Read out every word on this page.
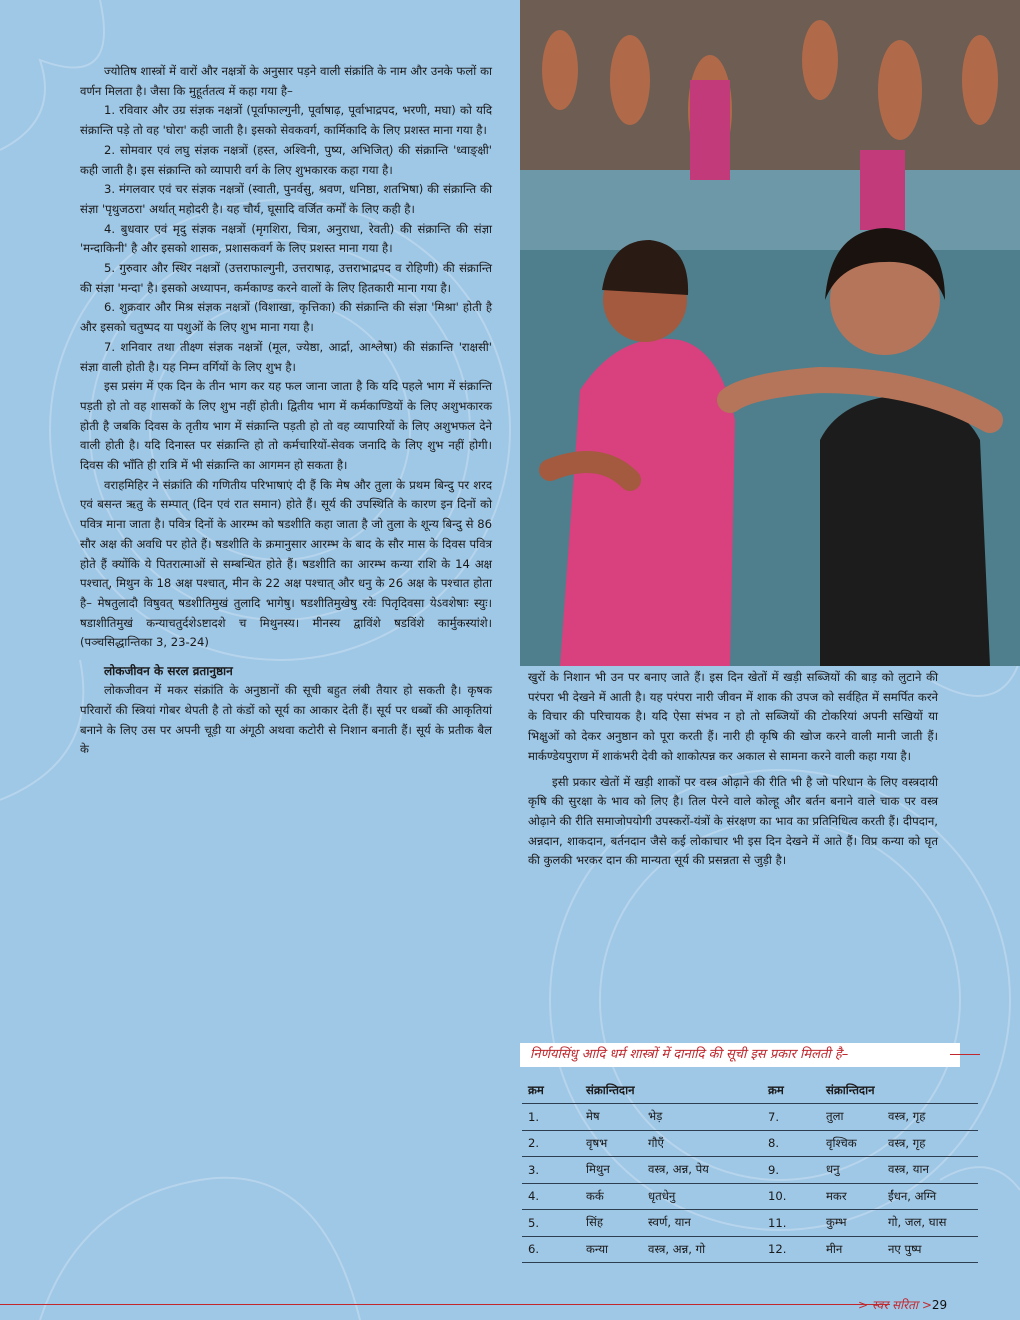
ज्योतिष शास्त्रों में वारों और नक्षत्रों के अनुसार पड़ने वाली संक्रांति के नाम और उनके फलों का वर्णन मिलता है। जैसा कि मुहूर्ततत्व में कहा गया है–

1. रविवार और उग्र संज्ञक नक्षत्रों (पूर्वाफाल्गुनी, पूर्वाषाढ़, पूर्वाभाद्रपद, भरणी, मघा) को यदि संक्रान्ति पड़े तो वह 'घोरा' कही जाती है। इसको सेवकवर्ग, कार्मिकादि के लिए प्रशस्त माना गया है।

2. सोमवार एवं लघु संज्ञक नक्षत्रों (हस्त, अश्विनी, पुष्य, अभिजित्) की संक्रान्ति 'ध्वाङ्क्षी' कही जाती है। इस संक्रान्ति को व्यापारी वर्ग के लिए शुभकारक कहा गया है।

3. मंगलवार एवं चर संज्ञक नक्षत्रों (स्वाती, पुनर्वसु, श्रवण, धनिष्ठा, शतभिषा) की संक्रान्ति की संज्ञा 'पृथुजठरा' अर्थात् महोदरी है। यह चौर्य, घूसादि वर्जित कर्मों के लिए कही है।

4. बुधवार एवं मृदु संज्ञक नक्षत्रों (मृगशिरा, चित्रा, अनुराधा, रेवती) की संक्रान्ति की संज्ञा 'मन्दाकिनी' है और इसको शासक, प्रशासकवर्ग के लिए प्रशस्त माना गया है।

5. गुरुवार और स्थिर नक्षत्रों (उत्तराफाल्गुनी, उत्तराषाढ़, उत्तराभाद्रपद व रोहिणी) की संक्रान्ति की संज्ञा 'मन्दा' है। इसको अध्यापन, कर्मकाण्ड करने वालों के लिए हितकारी माना गया है।

6. शुक्रवार और मिश्र संज्ञक नक्षत्रों (विशाखा, कृत्तिका) की संक्रान्ति की संज्ञा 'मिश्रा' होती है और इसको चतुष्पद या पशुओं के लिए शुभ माना गया है।

7. शनिवार तथा तीक्ष्ण संज्ञक नक्षत्रों (मूल, ज्येष्ठा, आर्द्रा, आश्लेषा) की संक्रान्ति 'राक्षसी' संज्ञा वाली होती है। यह निम्न वर्गियों के लिए शुभ है।

इस प्रसंग में एक दिन के तीन भाग कर यह फल जाना जाता है कि यदि पहले भाग में संक्रान्ति पड़ती हो तो वह शासकों के लिए शुभ नहीं होती। द्वितीय भाग में कर्मकाण्डियों के लिए अशुभकारक होती है जबकि दिवस के तृतीय भाग में संक्रान्ति पड़ती हो तो वह व्यापारियों के लिए अशुभफल देने वाली होती है। यदि दिनास्त पर संक्रान्ति हो तो कर्मचारियों-सेवक जनादि के लिए शुभ नहीं होगी। दिवस की भाँति ही रात्रि में भी संक्रान्ति का आगमन हो सकता है।

वराहमिहिर ने संक्रांति की गणितीय परिभाषाएं दी हैं कि मेष और तुला के प्रथम बिन्दु पर शरद एवं बसन्त ऋतु के सम्पात् (दिन एवं रात समान) होते हैं। सूर्य की उपस्थिति के कारण इन दिनों को पवित्र माना जाता है। पवित्र दिनों के आरम्भ को षडशीति कहा जाता है जो तुला के शून्य बिन्दु से 86 सौर अक्ष की अवधि पर होते हैं। षडशीति के क्रमानुसार आरम्भ के बाद के सौर मास के दिवस पवित्र होते हैं क्योंकि ये पितरात्माओं से सम्बन्धित होते हैं। षडशीति का आरम्भ कन्या राशि के 14 अक्ष पश्चात्, मिथुन के 18 अक्ष पश्चात्, मीन के 22 अक्ष पश्चात् और धनु के 26 अक्ष के पश्चात होता है– मेषतुलादौ विषुवत् षडशीतिमुखं तुलादि भागेषु। षडशीतिमुखेषु रवेः पितृदिवसा येऽवशेषाः स्युः। षडाशीतिमुखं कन्याचतुर्दशेऽष्टादशे च मिथुनस्य। मीनस्य द्वाविंशे षडविंशे कार्मुकस्यांशे। (पञ्चसिद्धान्तिका 3, 23-24)

लोकजीवन के सरल व्रतानुष्ठान

लोकजीवन में मकर संक्रांति के अनुष्ठानों की सूची बहुत लंबी तैयार हो सकती है। कृषक परिवारों की स्त्रियां गोबर थेपती है तो कंडों को सूर्य का आकार देती हैं। सूर्य पर धब्बों की आकृतियां बनाने के लिए उस पर अपनी चूड़ी या अंगूठी अथवा कटोरी से निशान बनाती हैं। सूर्य के प्रतीक बैल के

खुरों के निशान भी उन पर बनाए जाते हैं। इस दिन खेतों में खड़ी सब्जियों की बाड़ को लुटाने की परंपरा भी देखने में आती है। यह परंपरा नारी जीवन में शाक की उपज को सर्वहित में समर्पित करने के विचार की परिचायक है। यदि ऐसा संभव न हो तो सब्जियों की टोकरियां अपनी सखियों या भिक्षुओं को देकर अनुष्ठान को पूरा करती हैं। नारी ही कृषि की खोज करने वाली मानी जाती हैं। मार्कण्डेयपुराण में शाकंभरी देवी को शाकोत्पन्न कर अकाल से सामना करने वाली कहा गया है।

इसी प्रकार खेतों में खड़ी शाकों पर वस्त्र ओढ़ाने की रीति भी है जो परिधान के लिए वस्त्रदायी कृषि की सुरक्षा के भाव को लिए है। तिल पेरने वाले कोल्हू और बर्तन बनाने वाले चाक पर वस्त्र ओढ़ाने की रीति समाजोपयोगी उपस्करों-यंत्रों के संरक्षण का भाव का प्रतिनिधित्व करती हैं। दीपदान, अन्नदान, शाकदान, बर्तनदान जैसे कई लोकाचार भी इस दिन देखने में आते हैं। विप्र कन्या को घृत की कुलकी भरकर दान की मान्यता सूर्य की प्रसन्नता से जुड़ी है।

निर्णयसिंधु आदि धर्म शास्त्रों में दानादि की सूची इस प्रकार मिलती है–
क्रम	संक्रान्तिदान		क्रम	संक्रान्तिदान	
1.	मेष	भेड़	7.	तुला	वस्त्र, गृह
2.	वृषभ	गौएँ	8.	वृश्चिक	वस्त्र, गृह
3.	मिथुन	वस्त्र, अन्न, पेय	9.	धनु	वस्त्र, यान
4.	कर्क	धृतधेनु	10.	मकर	ईंधन, अग्नि
5.	सिंह	स्वर्ण, यान	11.	कुम्भ	गो, जल, घास
6.	कन्या	वस्त्र, अन्न, गो	12.	मीन	नए पुष्प
> स्वर सरिता >29
